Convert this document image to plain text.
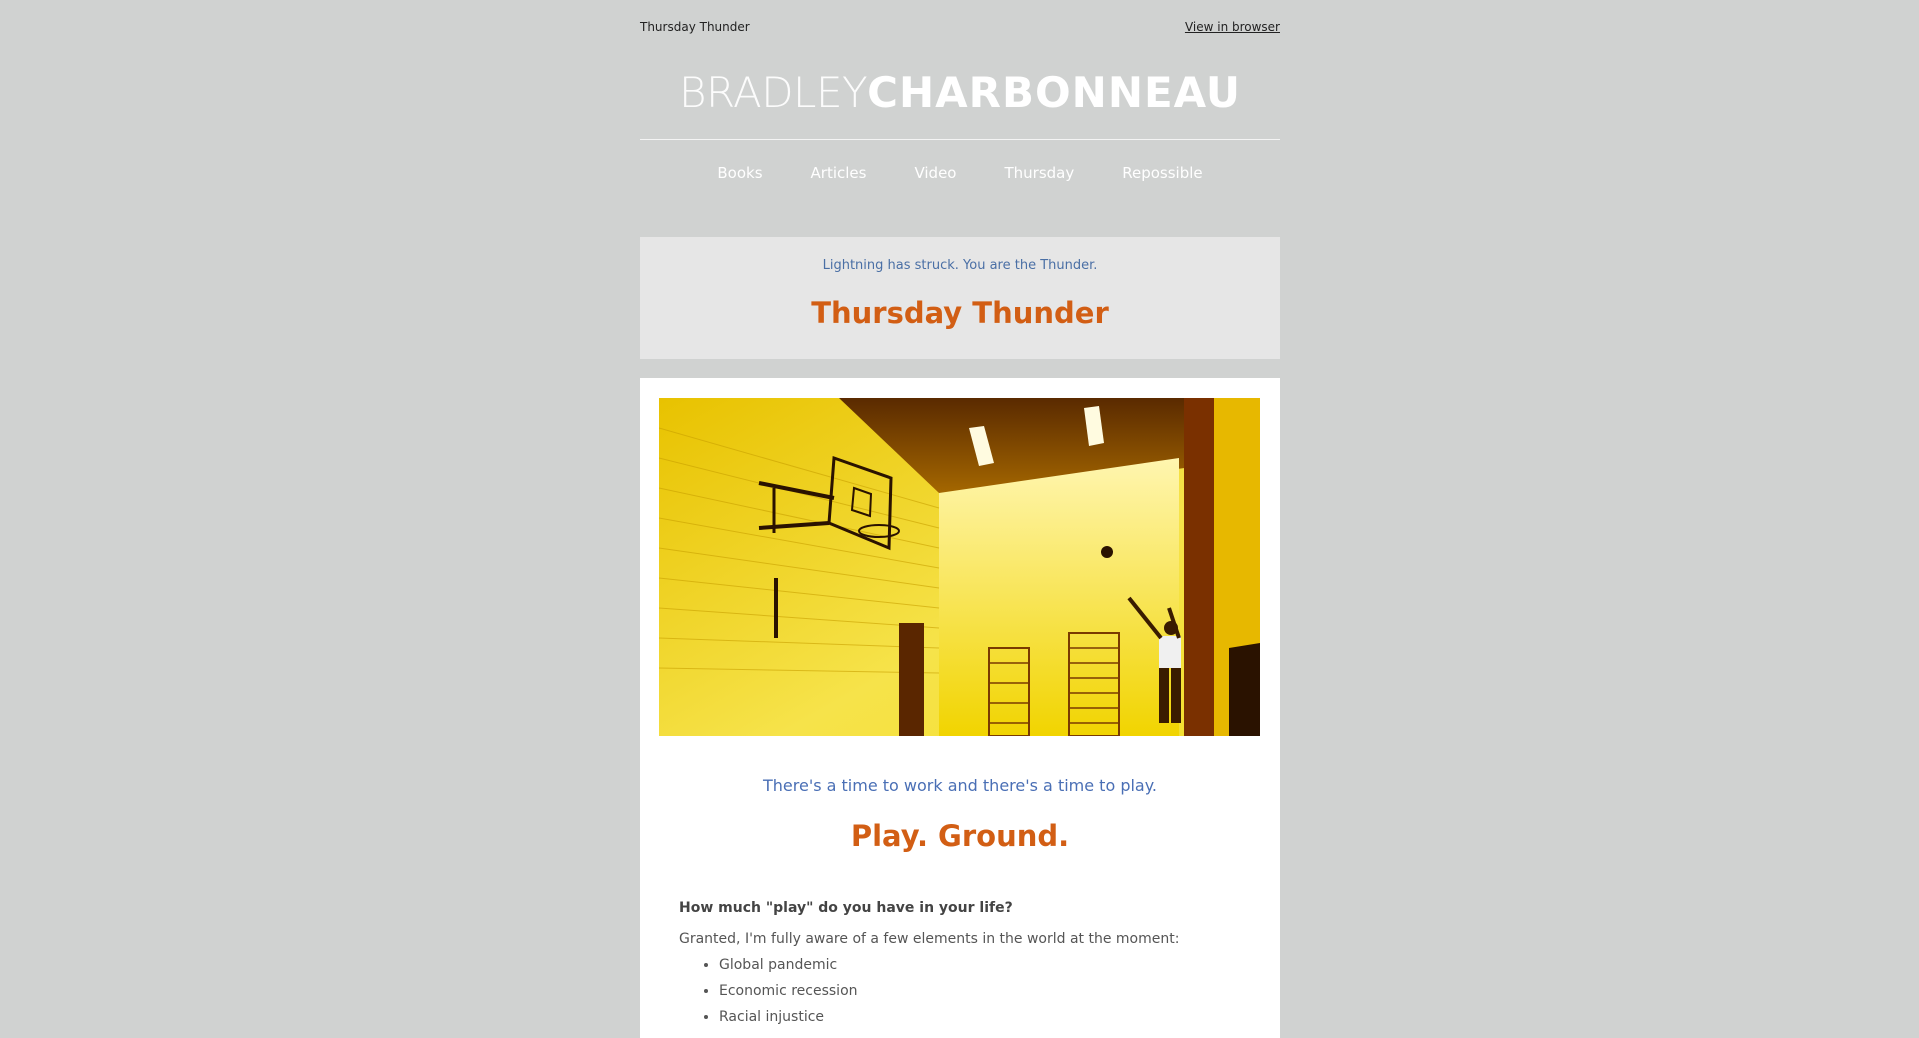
Thursday Thunder	View in browser
BRADLEYCHARBONNEAU
Books	Articles	Video	Thursday	Repossible
Lightning has struck. You are the Thunder.
Thursday Thunder
There's a time to work and there's a time to play.
Play. Ground.

How much "play" do you have in your life?

Granted, I'm fully aware of a few elements in the world at the moment:

• Global pandemic
• Economic recession
• Racial injustice
